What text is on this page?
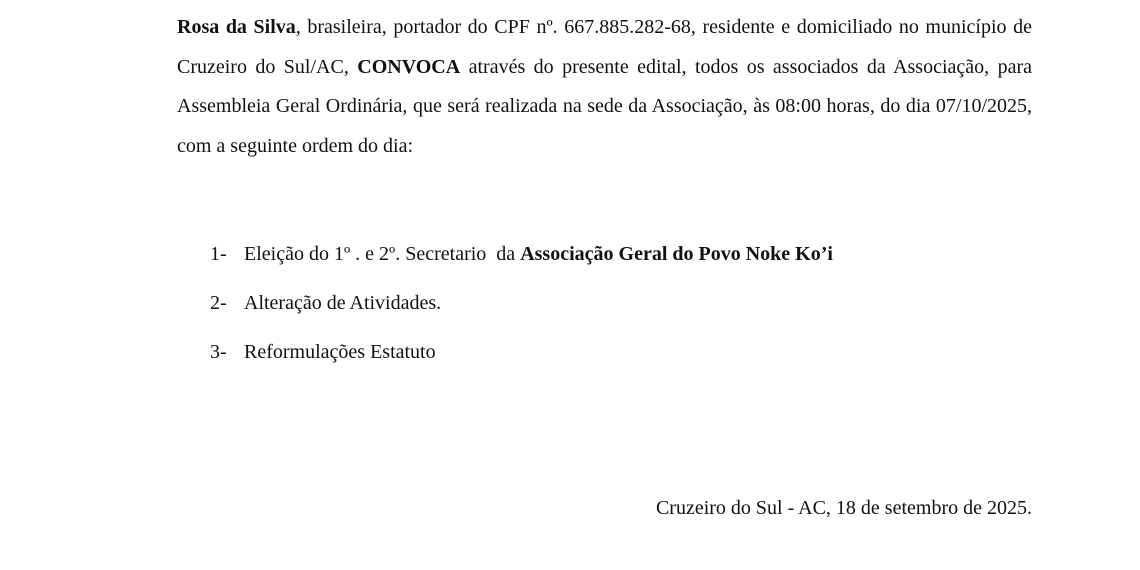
Rosa da Silva, brasileira, portador do CPF nº. 667.885.282-68, residente e domiciliado no município de Cruzeiro do Sul/AC, CONVOCA através do presente edital, todos os associados da Associação, para Assembleia Geral Ordinária, que será realizada na sede da Associação, às 08:00 horas, do dia 07/10/2025, com a seguinte ordem do dia:

1- Eleição do 1º . e 2º. Secretario  da Associação Geral do Povo Noke Ko’i
2- Alteração de Atividades.
3- Reformulações Estatuto

Cruzeiro do Sul - AC, 18 de setembro de 2025.
